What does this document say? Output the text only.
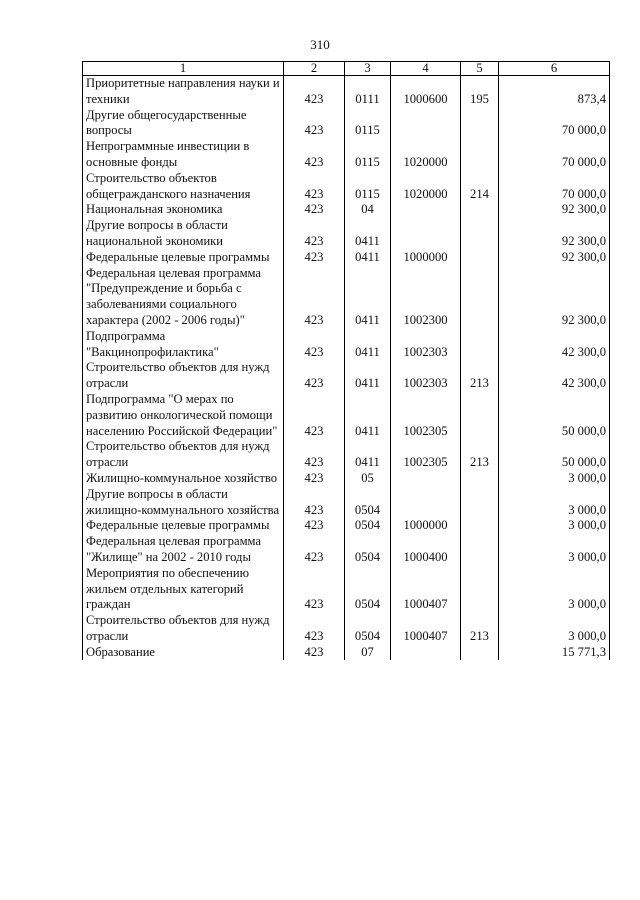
310
1	2	3	4	5	6
Приоритетные направления науки и техники	423	0111	1000600	195	873,4
Другие общегосударственные вопросы	423	0115			70 000,0
Непрограммные инвестиции в основные фонды	423	0115	1020000		70 000,0
Строительство объектов общегражданского назначения	423	0115	1020000	214	70 000,0
Национальная экономика	423	04			92 300,0
Другие вопросы в области национальной экономики	423	0411			92 300,0
Федеральные целевые программы	423	0411	1000000		92 300,0
Федеральная целевая программа "Предупреждение и борьба с заболеваниями социального характера (2002 - 2006 годы)"	423	0411	1002300		92 300,0
Подпрограмма "Вакцинопрофилактика"	423	0411	1002303		42 300,0
Строительство объектов для нужд отрасли	423	0411	1002303	213	42 300,0
Подпрограмма "О мерах по развитию онкологической помощи населению Российской Федерации"	423	0411	1002305		50 000,0
Строительство объектов для нужд отрасли	423	0411	1002305	213	50 000,0
Жилищно-коммунальное хозяйство	423	05			3 000,0
Другие вопросы в области жилищно-коммунального хозяйства	423	0504			3 000,0
Федеральные целевые программы	423	0504	1000000		3 000,0
Федеральная целевая программа "Жилище" на 2002 - 2010 годы	423	0504	1000400		3 000,0
Мероприятия по обеспечению жильем отдельных категорий граждан	423	0504	1000407		3 000,0
Строительство объектов для нужд отрасли	423	0504	1000407	213	3 000,0
Образование	423	07			15 771,3
